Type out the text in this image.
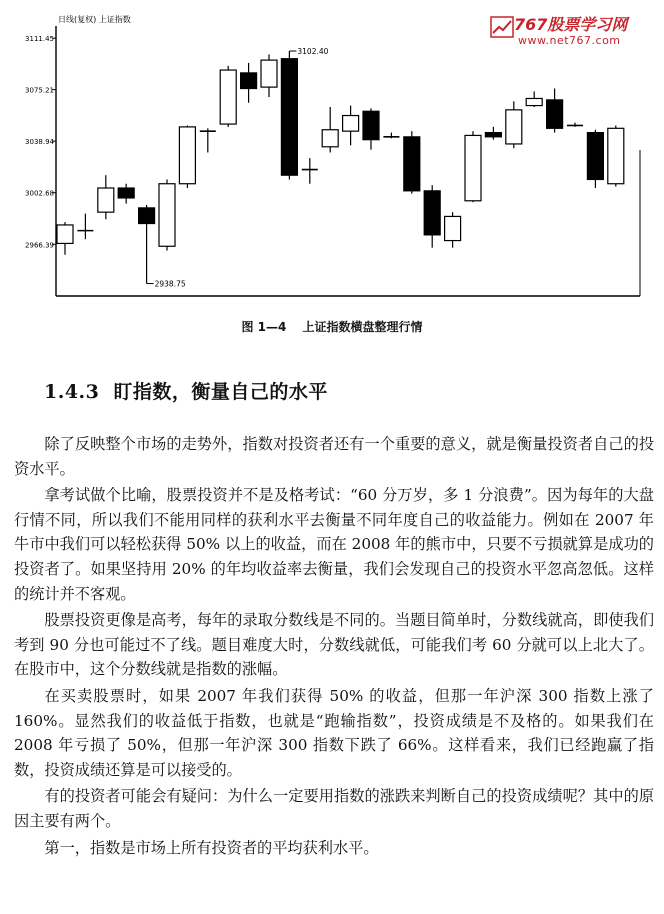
日线(复权) 上证指数
3111.45
3075.21
3038.94
3002.68
2966.39
3102.40
2938.75
767股票学习网
www.net767.com
图 1—4 上证指数横盘整理行情
1.4.3 盯指数，衡量自己的水平

除了反映整个市场的走势外，指数对投资者还有一个重要的意义，就是衡量投资者自己的投资水平。

拿考试做个比喻，股票投资并不是及格考试：“60 分万岁，多 1 分浪费”。因为每年的大盘行情不同，所以我们不能用同样的获利水平去衡量不同年度自己的收益能力。例如在 2007 年牛市中我们可以轻松获得 50% 以上的收益，而在 2008 年的熊市中，只要不亏损就算是成功的投资者了。如果坚持用 20% 的年均收益率去衡量，我们会发现自己的投资水平忽高忽低。这样的统计并不客观。

股票投资更像是高考，每年的录取分数线是不同的。当题目简单时，分数线就高，即使我们考到 90 分也可能过不了线。题目难度大时，分数线就低，可能我们考 60 分就可以上北大了。在股市中，这个分数线就是指数的涨幅。

在买卖股票时，如果 2007 年我们获得 50% 的收益，但那一年沪深 300 指数上涨了 160%。显然我们的收益低于指数，也就是“跑输指数”，投资成绩是不及格的。如果我们在 2008 年亏损了 50%，但那一年沪深 300 指数下跌了 66%。这样看来，我们已经跑赢了指数，投资成绩还算是可以接受的。

有的投资者可能会有疑问：为什么一定要用指数的涨跌来判断自己的投资成绩呢？其中的原因主要有两个。

第一，指数是市场上所有投资者的平均获利水平。
